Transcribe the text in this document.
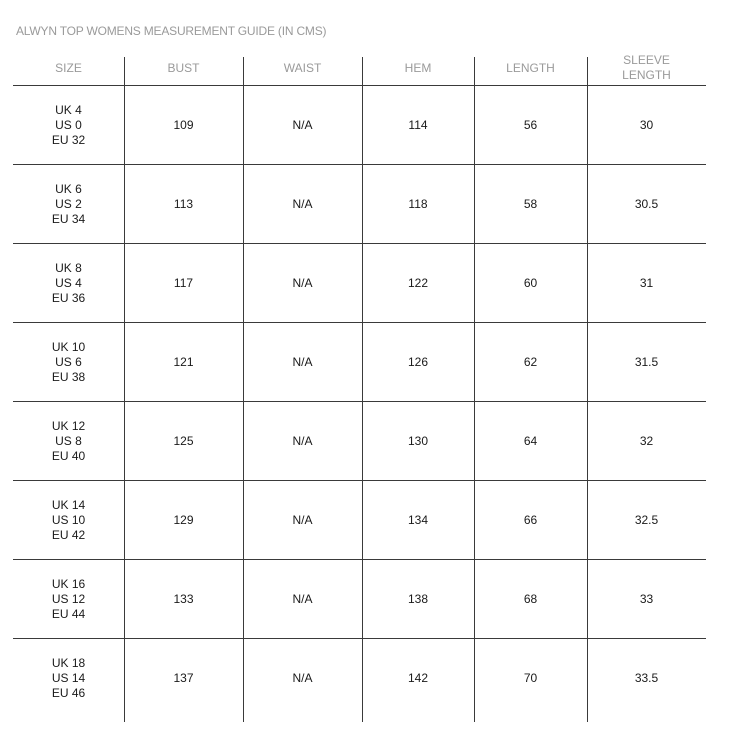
ALWYN TOP WOMENS MEASUREMENT GUIDE (IN CMS)
SIZE	BUST	WAIST	HEM	LENGTH
SLEEVE
LENGTH
UK 4
US 0
EU 32
109	N/A	114	56	30
UK 6
US 2
EU 34
113	N/A	118	58	30.5
UK 8
US 4
EU 36
117	N/A	122	60	31
UK 10
US 6
EU 38
121	N/A	126	62	31.5
UK 12
US 8
EU 40
125	N/A	130	64	32
UK 14
US 10
EU 42
129	N/A	134	66	32.5
UK 16
US 12
EU 44
133	N/A	138	68	33
UK 18
US 14
EU 46
137	N/A	142	70	33.5
